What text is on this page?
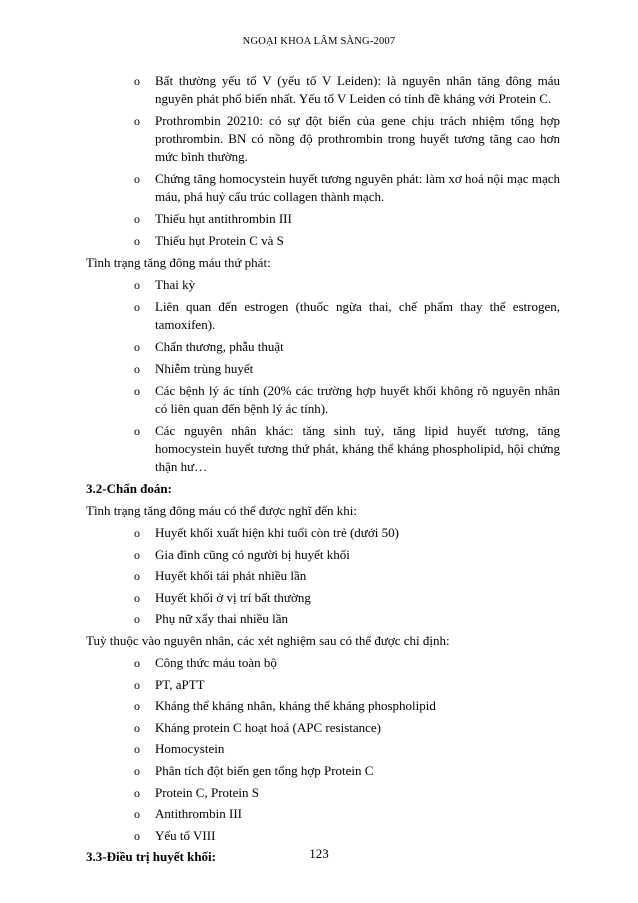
NGOẠI KHOA LÂM SÀNG-2007
o Bất thường yếu tố V (yếu tố V Leiden): là nguyên nhân tăng đông máu nguyên phát phổ biến nhất. Yếu tố V Leiden có tính đề kháng với Protein C.
o Prothrombin 20210: có sự đột biến của gene chịu trách nhiệm tổng hợp prothrombin. BN có nồng độ prothrombin trong huyết tương tăng cao hơn mức bình thường.
o Chứng tăng homocystein huyết tương nguyên phát: làm xơ hoá nội mạc mạch máu, phá huỷ cấu trúc collagen thành mạch.
o Thiếu hụt antithrombin III
o Thiếu hụt Protein C và S

Tình trạng tăng đông máu thứ phát:

o Thai kỳ
o Liên quan đến estrogen (thuốc ngừa thai, chế phẩm thay thế estrogen, tamoxifen).
o Chấn thương, phẫu thuật
o Nhiễm trùng huyết
o Các bệnh lý ác tính (20% các trường hợp huyết khối không rõ nguyên nhân có liên quan đến bệnh lý ác tính).
o Các nguyên nhân khác: tăng sinh tuỷ, tăng lipid huyết tương, tăng homocystein huyết tương thứ phát, kháng thể kháng phospholipid, hội chứng thận hư…

3.2-Chẩn đoán:

Tình trạng tăng đông máu có thể được nghĩ đến khi:

o Huyết khối xuất hiện khi tuổi còn trẻ (dưới 50)
o Gia đình cũng có người bị huyết khối
o Huyết khối tái phát nhiều lần
o Huyết khối ở vị trí bất thường
o Phụ nữ xẩy thai nhiều lần

Tuỳ thuộc vào nguyên nhân, các xét nghiệm sau có thể được chỉ định:

o Công thức máu toàn bộ
o PT, aPTT
o Kháng thể kháng nhân, kháng thể kháng phospholipid
o Kháng protein C hoạt hoá (APC resistance)
o Homocystein
o Phân tích đột biến gen tổng hợp Protein C
o Protein C, Protein S
o Antithrombin III
o Yếu tố VIII

3.3-Điều trị huyết khối:	123
